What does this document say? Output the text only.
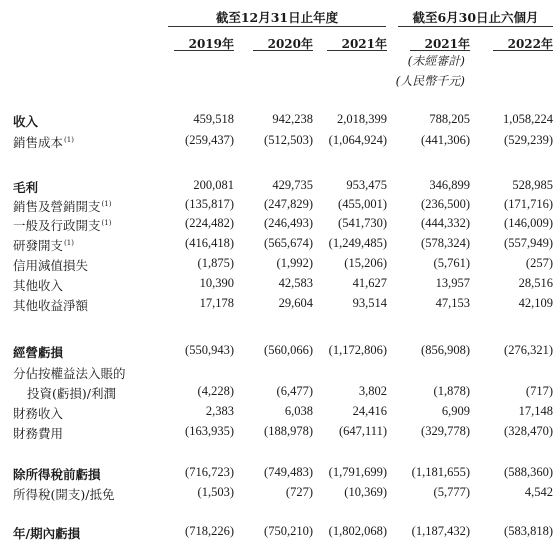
截至12月31日止年度	截至6月30日止六個月
2019年	2020年	2021年	2021年	2022年
(未經審計)
(人民幣千元)
收入	459,518	942,238	2,018,399	788,205	1,058,224
銷售成本$^{(1)}$	(259,437)	(512,503)	(1,064,924)	(441,306)	(529,239)
毛利	200,081	429,735	953,475	346,899	528,985
銷售及營銷開支$^{(1)}$	(135,817)	(247,829)	(455,001)	(236,500)	(171,716)
一般及行政開支$^{(1)}$	(224,482)	(246,493)	(541,730)	(444,332)	(146,009)
研發開支$^{(1)}$	(416,418)	(565,674)	(1,249,485)	(578,324)	(557,949)
信用減值損失	(1,875)	(1,992)	(15,206)	(5,761)	(257)
其他收入	10,390	42,583	41,627	13,957	28,516
其他收益淨額	17,178	29,604	93,514	47,153	42,109
經營虧損	(550,943)	(560,066)	(1,172,806)	(856,908)	(276,321)
分佔按權益法入賬的
投資(虧損)/利潤	(4,228)	(6,477)	3,802	(1,878)	(717)
財務收入	2,383	6,038	24,416	6,909	17,148
財務費用	(163,935)	(188,978)	(647,111)	(329,778)	(328,470)
除所得稅前虧損	(716,723)	(749,483)	(1,791,699)	(1,181,655)	(588,360)
所得稅(開支)/抵免	(1,503)	(727)	(10,369)	(5,777)	4,542
年/期內虧損	(718,226)	(750,210)	(1,802,068)	(1,187,432)	(583,818)
